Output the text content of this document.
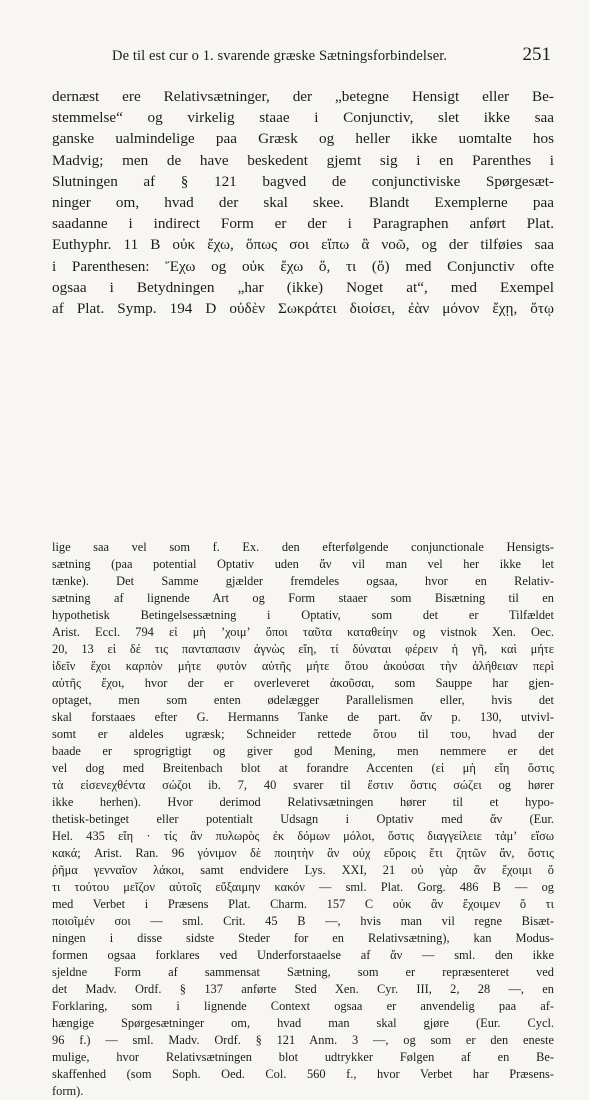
De til est cur o 1. svarende græske Sætningsforbindelser.	251

dernæst ere Relativsætninger, der „betegne Hensigt eller Be-

stemmelse“ og virkelig staae i Conjunctiv, slet ikke saa

ganske ualmindelige paa Græsk og heller ikke uomtalte hos

Madvig; men de have beskedent gjemt sig i en Parenthes i

Slutningen af § 121 bagved de conjunctiviske Spørgesæt-

ninger om, hvad der skal skee. Blandt Exemplerne paa

saadanne i indirect Form er der i Paragraphen anført Plat.

Euthyphr. 11 B οὐκ ἔχω, ὅπως σοι εἴπω ἃ νοῶ, og der tilføies saa

i Parenthesen: Ἔχω og οὐκ ἔχω ὅ, τι (ὅ) med Conjunctiv ofte

ogsaa i Betydningen „har (ikke) Noget at“, med Exempel

af Plat. Symp. 194 D οὐδὲν Σωκράτει διοίσει, ἐὰν μόνον ἔχῃ, ὅτῳ

lige saa vel som f. Ex. den efterfølgende conjunctionale Hensigts-

sætning (paa potential Optativ uden ἄν vil man vel her ikke let

tænke). Det Samme gjælder fremdeles ogsaa, hvor en Relativ-

sætning af lignende Art og Form staaer som Bisætning til en

hypothetisk Betingelsessætning i Optativ, som det er Tilfældet

Arist. Eccl. 794 εἰ μὴ ʼχοιμʼ ὅποι ταῦτα καταθείην og vistnok Xen. Oec.

20, 13 εἰ δέ τις πανταπασιν ἀγνὼς εἴη, τί δύναται φέρειν ἡ γῆ, καὶ μήτε

ἰδεῖν ἔχοι καρπὸν μήτε φυτὸν αὐτῆς μήτε ὅτου ἀκούσαι τὴν ἀλήθειαν περὶ

αὐτῆς ἔχοι, hvor der er overleveret ἀκοῦσαι, som Sauppe har gjen-

optaget, men som enten ødelægger Parallelismen eller, hvis det

skal forstaaes efter G. Hermanns Tanke de part. ἄν p. 130, utvivl-

somt er aldeles ugræsk; Schneider rettede ὅτου til του, hvad der

baade er sprogrigtigt og giver god Mening, men nemmere er det

vel dog med Breitenbach blot at forandre Accenten (εἰ μὴ εἴη ὅστις

τὰ εἰσενεχθέντα σώζοι ib. 7, 40 svarer til ἔστιν ὅστις σώζει og hører

ikke herhen). Hvor derimod Relativsætningen hører til et hypo-

thetisk-betinget eller potentialt Udsagn i Optativ med ἄν (Eur.

Hel. 435 εἴη · τίς ἂν πυλωρὸς ἐκ δόμων μόλοι, ὅστις διαγγείλειε τἀμʼ εἴσω

κακά; Arist. Ran. 96 γόνιμον δὲ ποιητὴν ἂν οὐχ εὕροις ἔτι ζητῶν ἄν, ὅστις

ῥῆμα γενναῖον λάκοι, samt endvidere Lys. XXI, 21 οὐ γὰρ ἂν ἔχοιμι ὅ

τι τούτου μεῖζον αὐτοῖς εὔξαιμην κακόν — sml. Plat. Gorg. 486 B — og

med Verbet i Præsens Plat. Charm. 157 C οὐκ ἂν ἔχοιμεν ὅ τι

ποιοῖμέν σοι — sml. Crit. 45 B —, hvis man vil regne Bisæt-

ningen i disse sidste Steder for en Relativsætning), kan Modus-

formen ogsaa forklares ved Underforstaaelse af ἄν — sml. den ikke

sjeldne Form af sammensat Sætning, som er repræsenteret ved

det Madv. Ordf. § 137 anførte Sted Xen. Cyr. III, 2, 28 —, en

Forklaring, som i lignende Context ogsaa er anvendelig paa af-

hængige Spørgesætninger om, hvad man skal gjøre (Eur. Cycl.

96 f.) — sml. Madv. Ordf. § 121 Anm. 3 —, og som er den eneste

mulige, hvor Relativsætningen blot udtrykker Følgen af en Be-

skaffenhed (som Soph. Oed. Col. 560 f., hvor Verbet har Præsens-

form).
